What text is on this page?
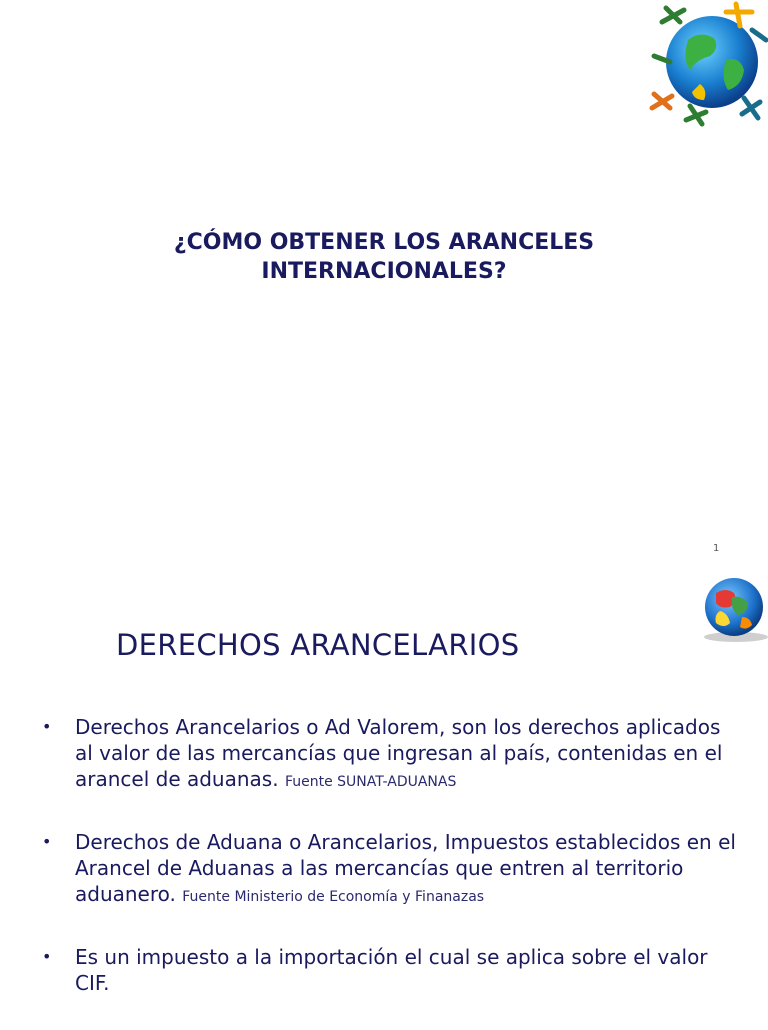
¿CÓMO OBTENER LOS ARANCELES
INTERNACIONALES?
1
DERECHOS ARANCELARIOS
• Derechos Arancelarios o Ad Valorem, son los derechos aplicados al valor de las mercancías que ingresan al país, contenidas en el arancel de aduanas. Fuente SUNAT-ADUANAS
• Derechos de Aduana o Arancelarios, Impuestos establecidos en el Arancel de Aduanas a las mercancías que entren al territorio aduanero. Fuente Ministerio de Economía y Finanazas
• Es un impuesto a la importación el cual se aplica sobre el valor CIF.
